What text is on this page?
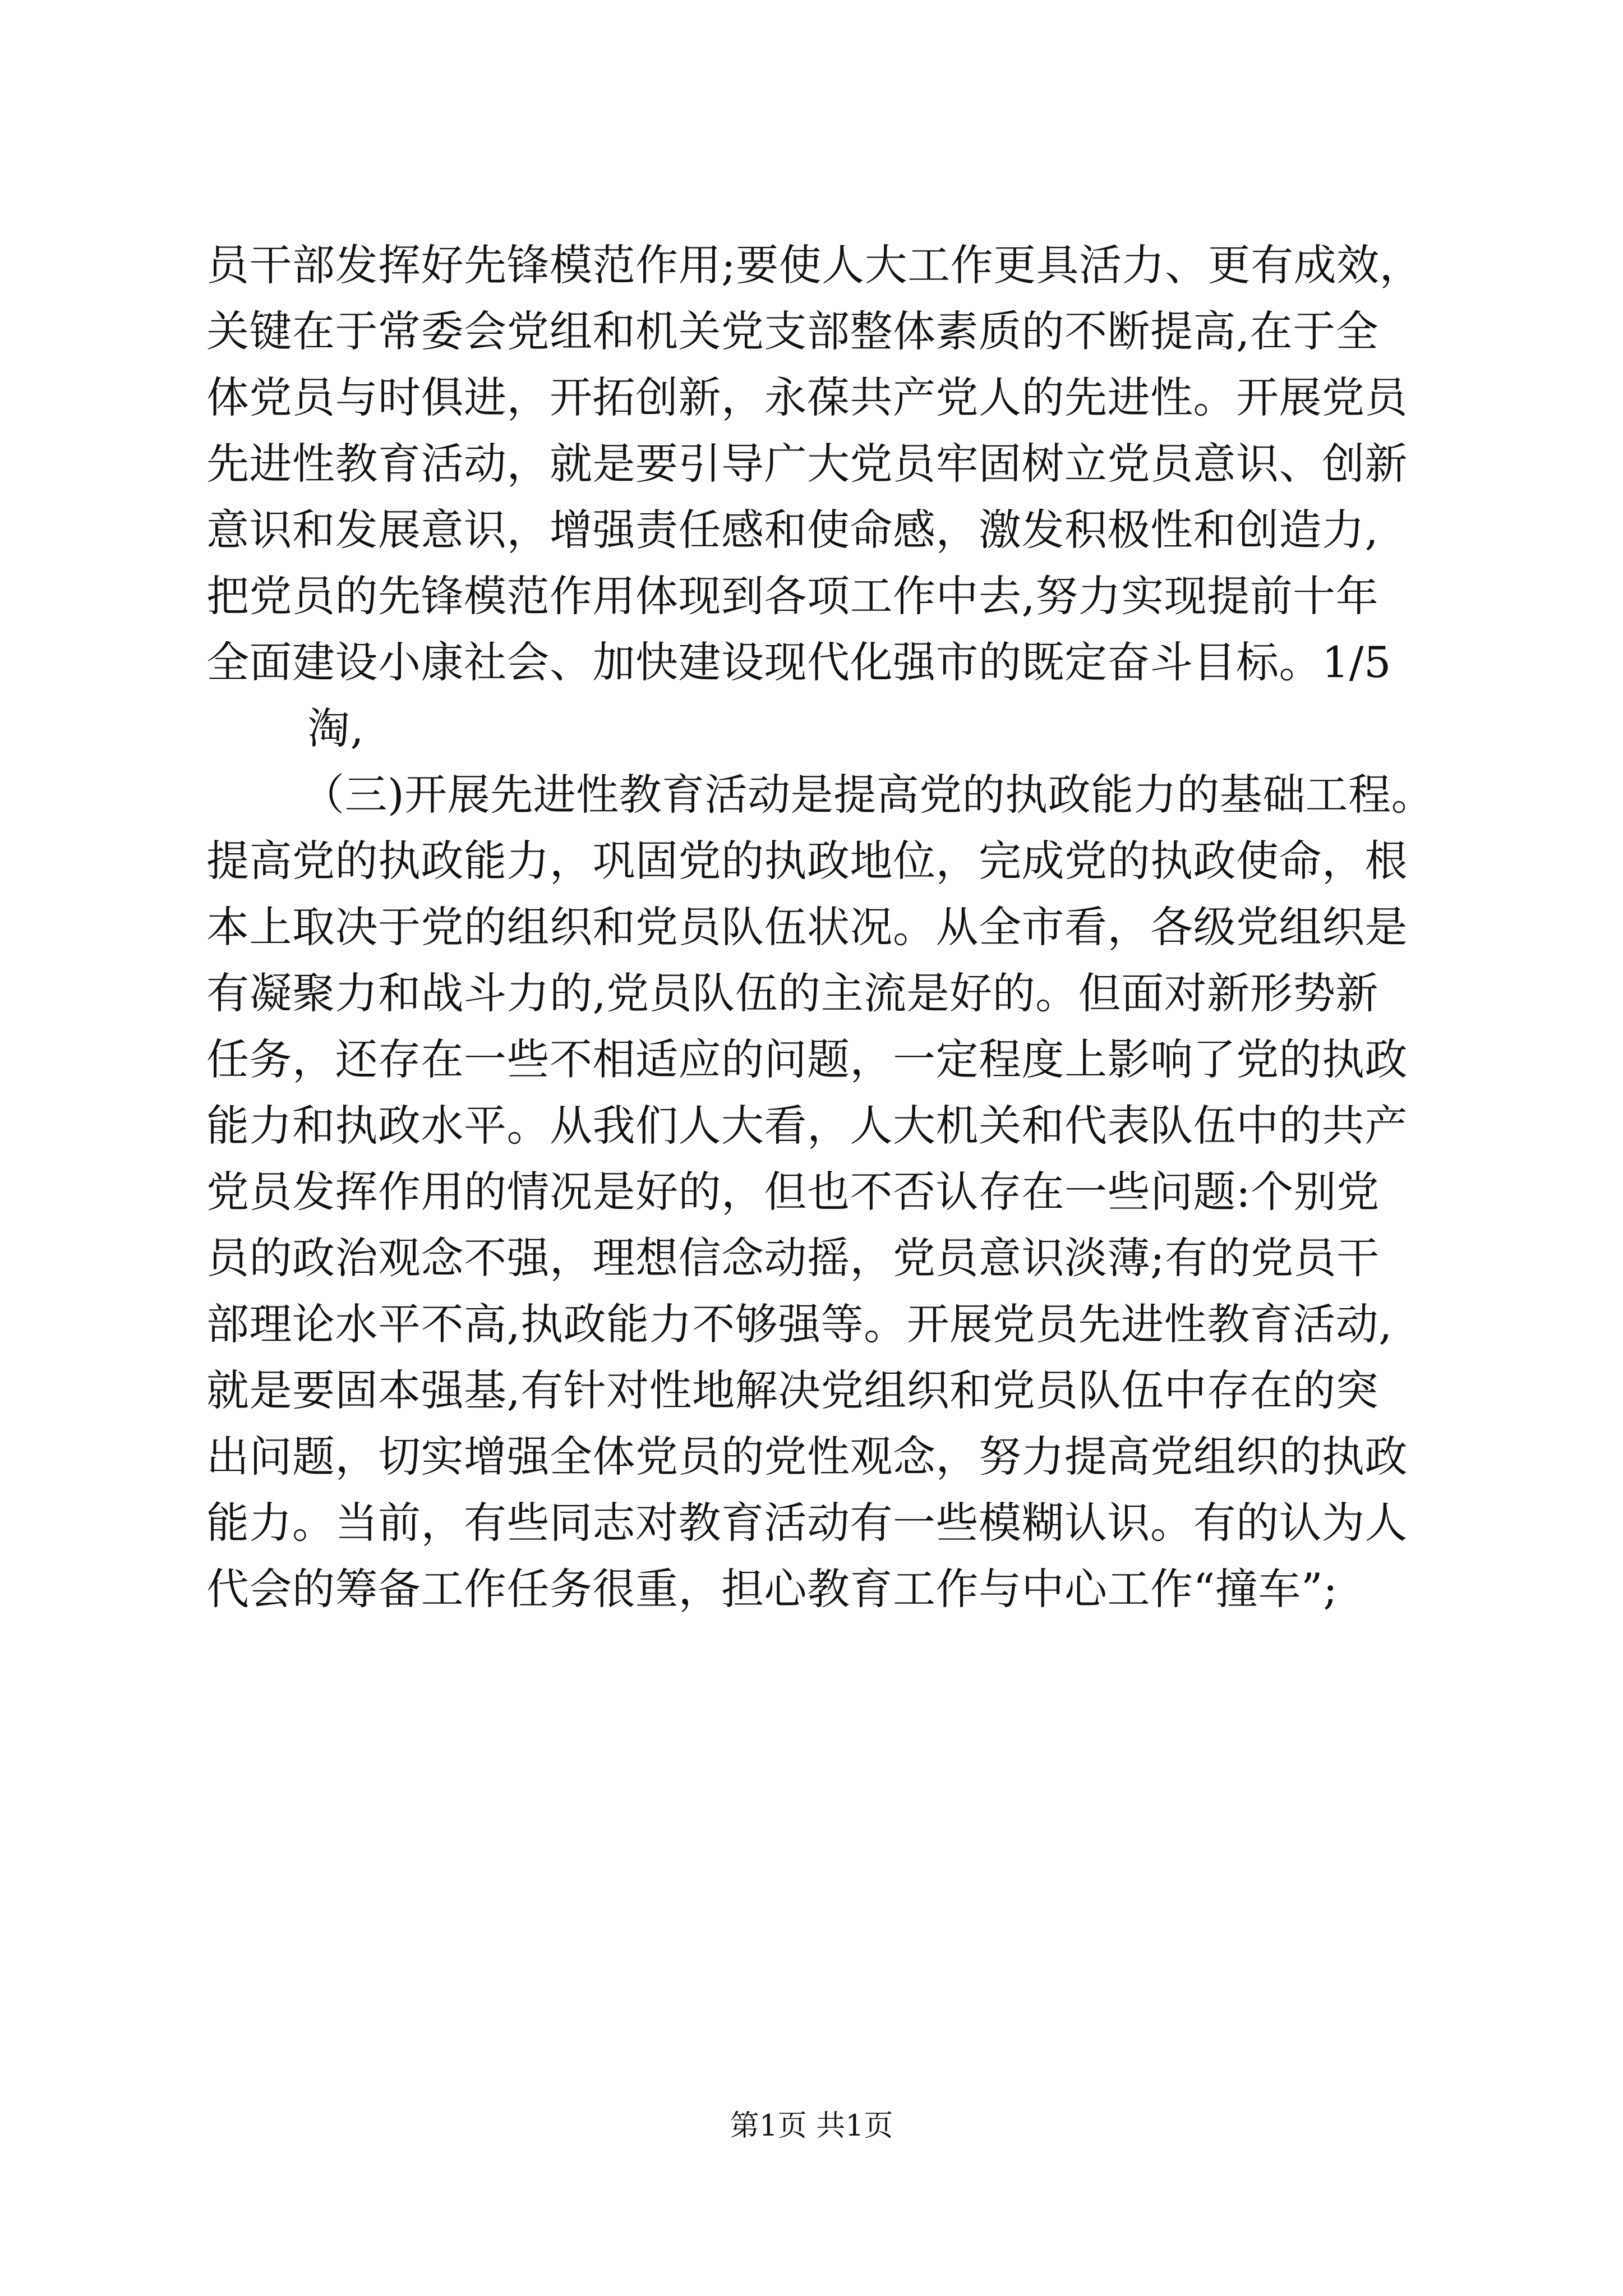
员干部发挥好先锋模范作用;要使人大工作更具活力、更有成效，
关键在于常委会党组和机关党支部整体素质的不断提高,在于全
体党员与时俱进，开拓创新，永葆共产党人的先进性。开展党员
先进性教育活动，就是要引导广大党员牢固树立党员意识、创新
意识和发展意识，增强责任感和使命感，激发积极性和创造力,
把党员的先锋模范作用体现到各项工作中去,努力实现提前十年
全面建设小康社会、加快建设现代化强市的既定奋斗目标。1/5
淘,
（三)开展先进性教育活动是提高党的执政能力的基础工程。
提高党的执政能力，巩固党的执政地位，完成党的执政使命，根
本上取决于党的组织和党员队伍状况。从全市看，各级党组织是
有凝聚力和战斗力的,党员队伍的主流是好的。但面对新形势新
任务，还存在一些不相适应的问题，一定程度上影响了党的执政
能力和执政水平。从我们人大看，人大机关和代表队伍中的共产
党员发挥作用的情况是好的，但也不否认存在一些问题:个别党
员的政治观念不强，理想信念动摇，党员意识淡薄;有的党员干
部理论水平不高,执政能力不够强等。开展党员先进性教育活动,
就是要固本强基,有针对性地解决党组织和党员队伍中存在的突
出问题，切实增强全体党员的党性观念，努力提高党组织的执政
能力。当前，有些同志对教育活动有一些模糊认识。有的认为人
代会的筹备工作任务很重，担心教育工作与中心工作“撞车”;
第1页 共1页
